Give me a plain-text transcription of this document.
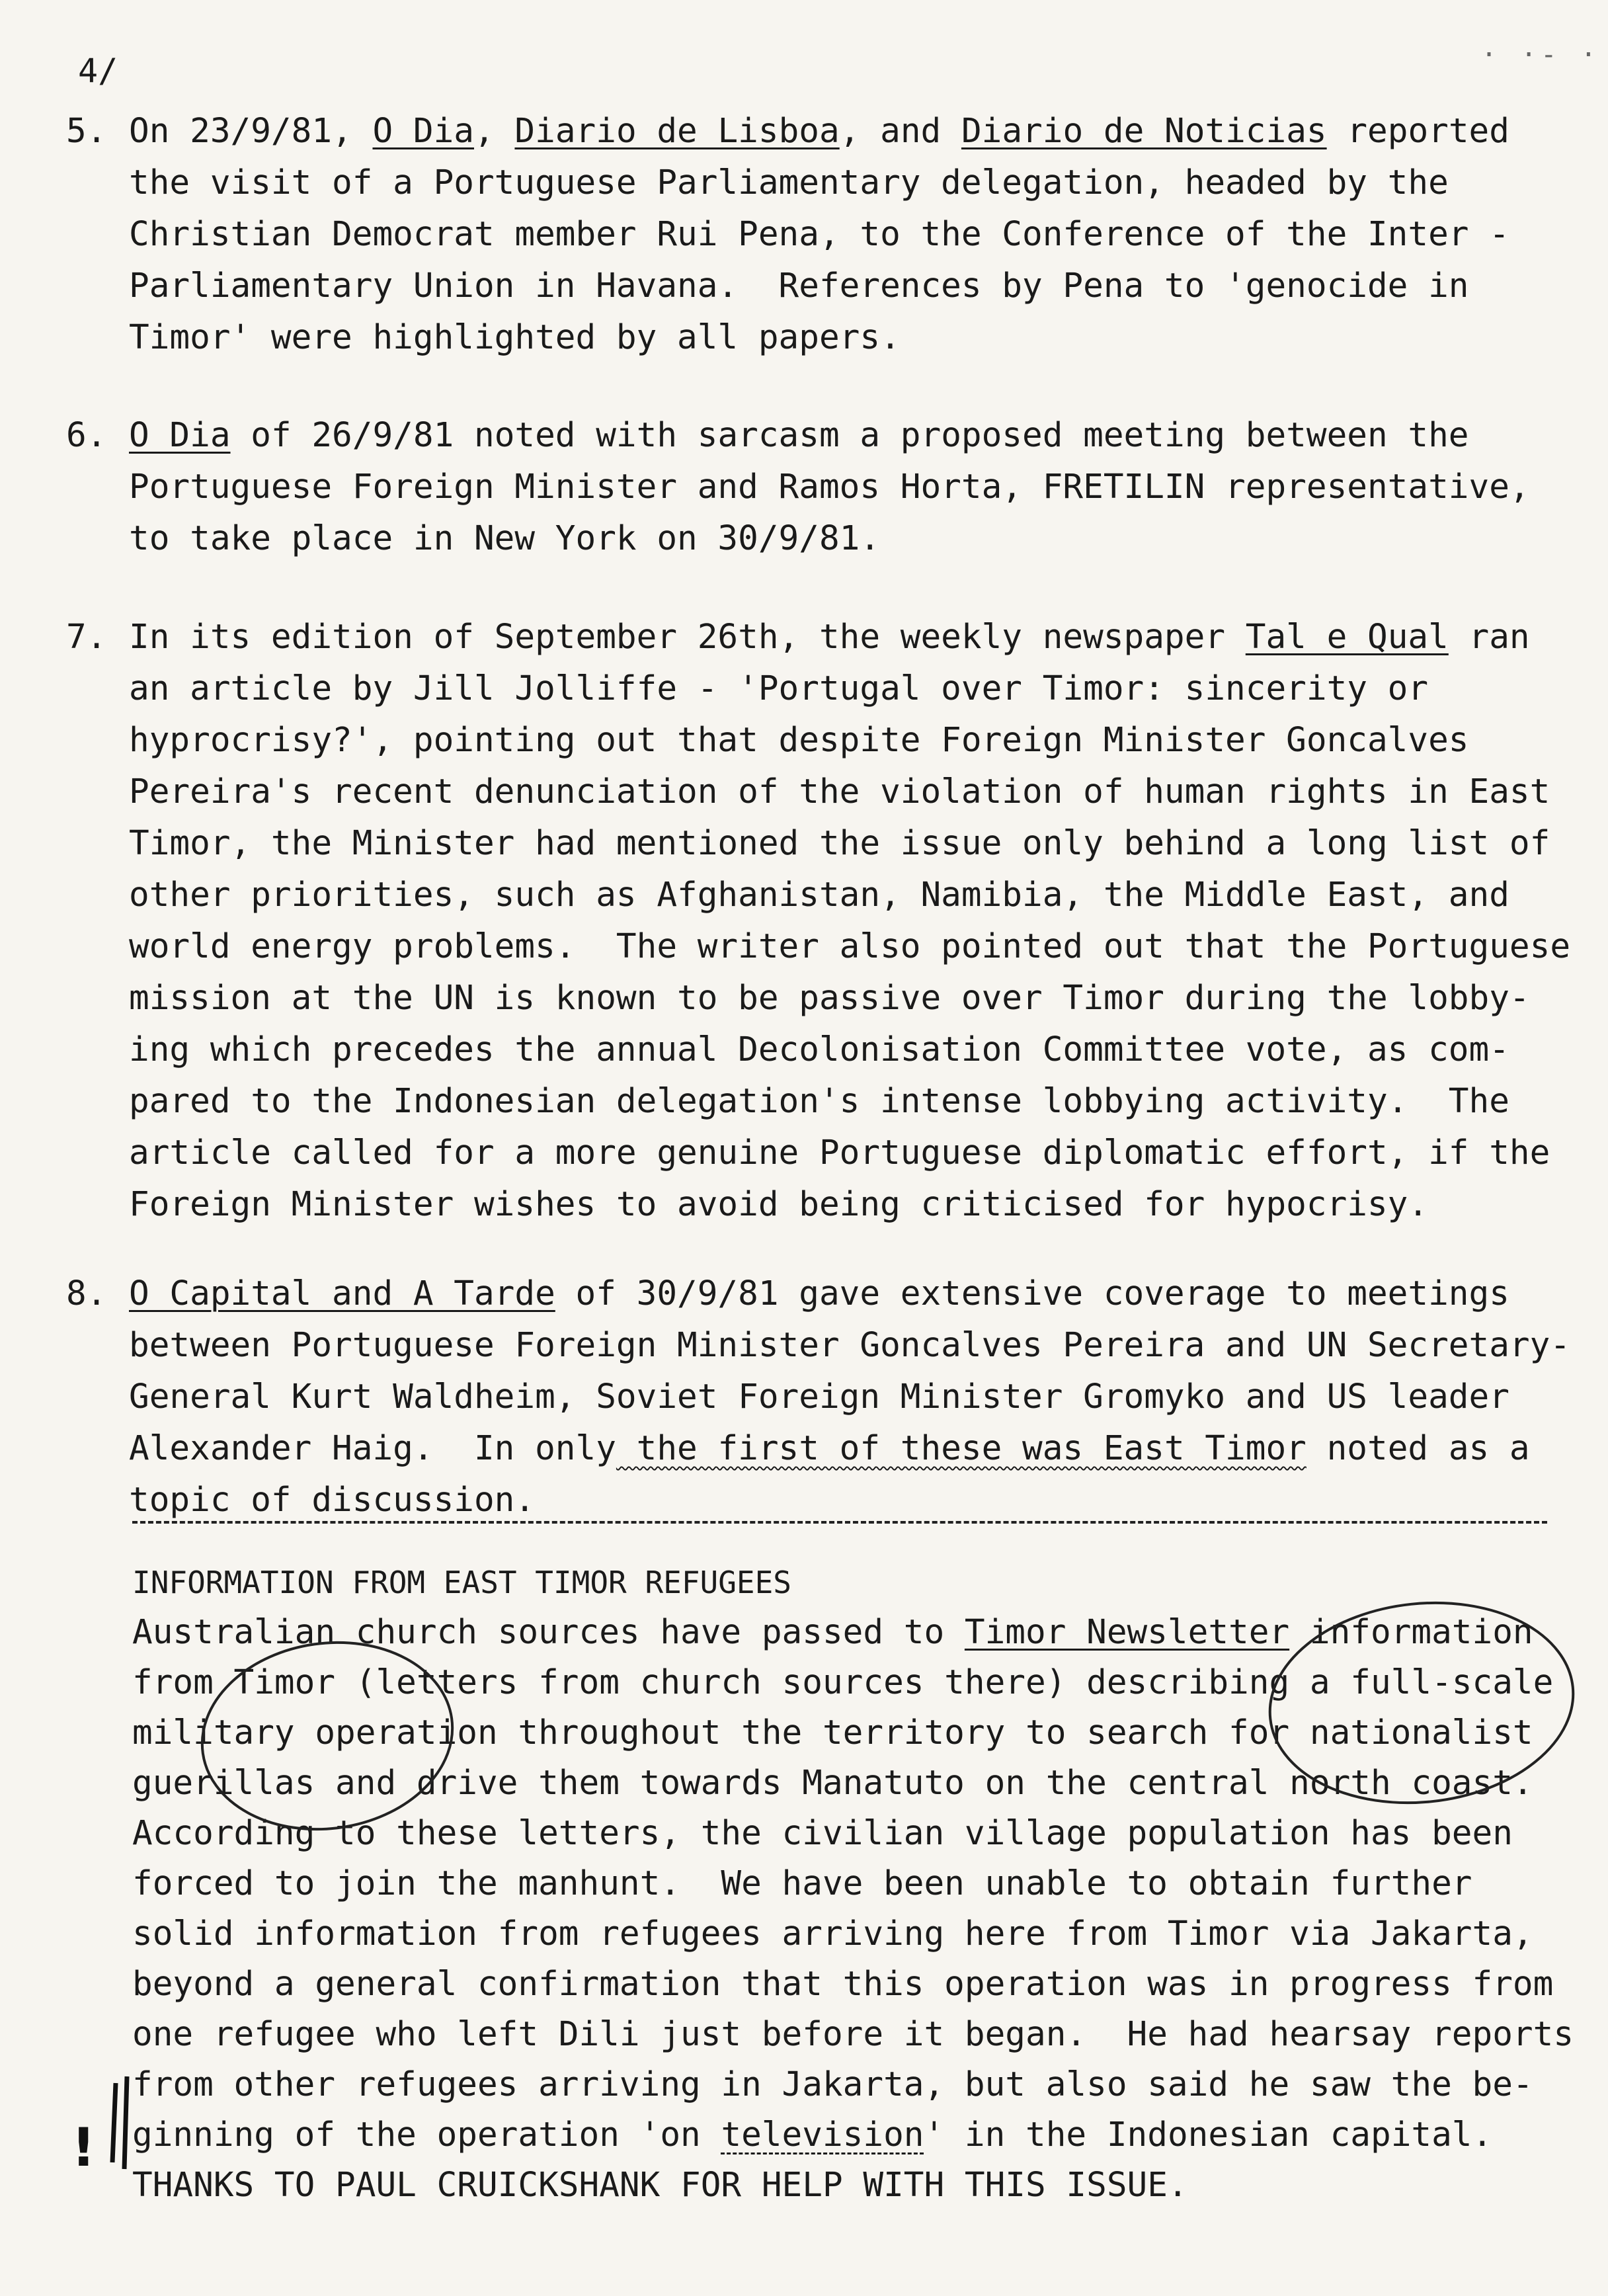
4/	· ·- ·
5. On 23/9/81, O Dia, Diario de Lisboa, and Diario de Noticias reported
the visit of a Portuguese Parliamentary delegation, headed by the
Christian Democrat member Rui Pena, to the Conference of the Inter -
Parliamentary Union in Havana.  References by Pena to 'genocide in
Timor' were highlighted by all papers.
6. O Dia of 26/9/81 noted with sarcasm a proposed meeting between the
Portuguese Foreign Minister and Ramos Horta, FRETILIN representative,
to take place in New York on 30/9/81.
7. In its edition of September 26th, the weekly newspaper Tal e Qual ran
an article by Jill Jolliffe - 'Portugal over Timor: sincerity or
hyprocrisy?', pointing out that despite Foreign Minister Goncalves
Pereira's recent denunciation of the violation of human rights in East
Timor, the Minister had mentioned the issue only behind a long list of
other priorities, such as Afghanistan, Namibia, the Middle East, and
world energy problems.  The writer also pointed out that the Portuguese
mission at the UN is known to be passive over Timor during the lobby-
ing which precedes the annual Decolonisation Committee vote, as com-
pared to the Indonesian delegation's intense lobbying activity.  The
article called for a more genuine Portuguese diplomatic effort, if the
Foreign Minister wishes to avoid being criticised for hypocrisy.
8. O Capital and A Tarde of 30/9/81 gave extensive coverage to meetings
between Portuguese Foreign Minister Goncalves Pereira and UN Secretary-
General Kurt Waldheim, Soviet Foreign Minister Gromyko and US leader
Alexander Haig.  In only the first of these was East Timor noted as a
topic of discussion.
INFORMATION FROM EAST TIMOR REFUGEES
Australian church sources have passed to Timor Newsletter information
from Timor (letters from church sources there) describing a full-scale
military operation throughout the territory to search for nationalist
guerillas and drive them towards Manatuto on the central north coast.
According to these letters, the civilian village population has been
forced to join the manhunt.  We have been unable to obtain further
solid information from refugees arriving here from Timor via Jakarta,
beyond a general confirmation that this operation was in progress from
one refugee who left Dili just before it began.  He had hearsay reports
from other refugees arriving in Jakarta, but also said he saw the be-
ginning of the operation 'on television' in the Indonesian capital.
THANKS TO PAUL CRUICKSHANK FOR HELP WITH THIS ISSUE.
!
